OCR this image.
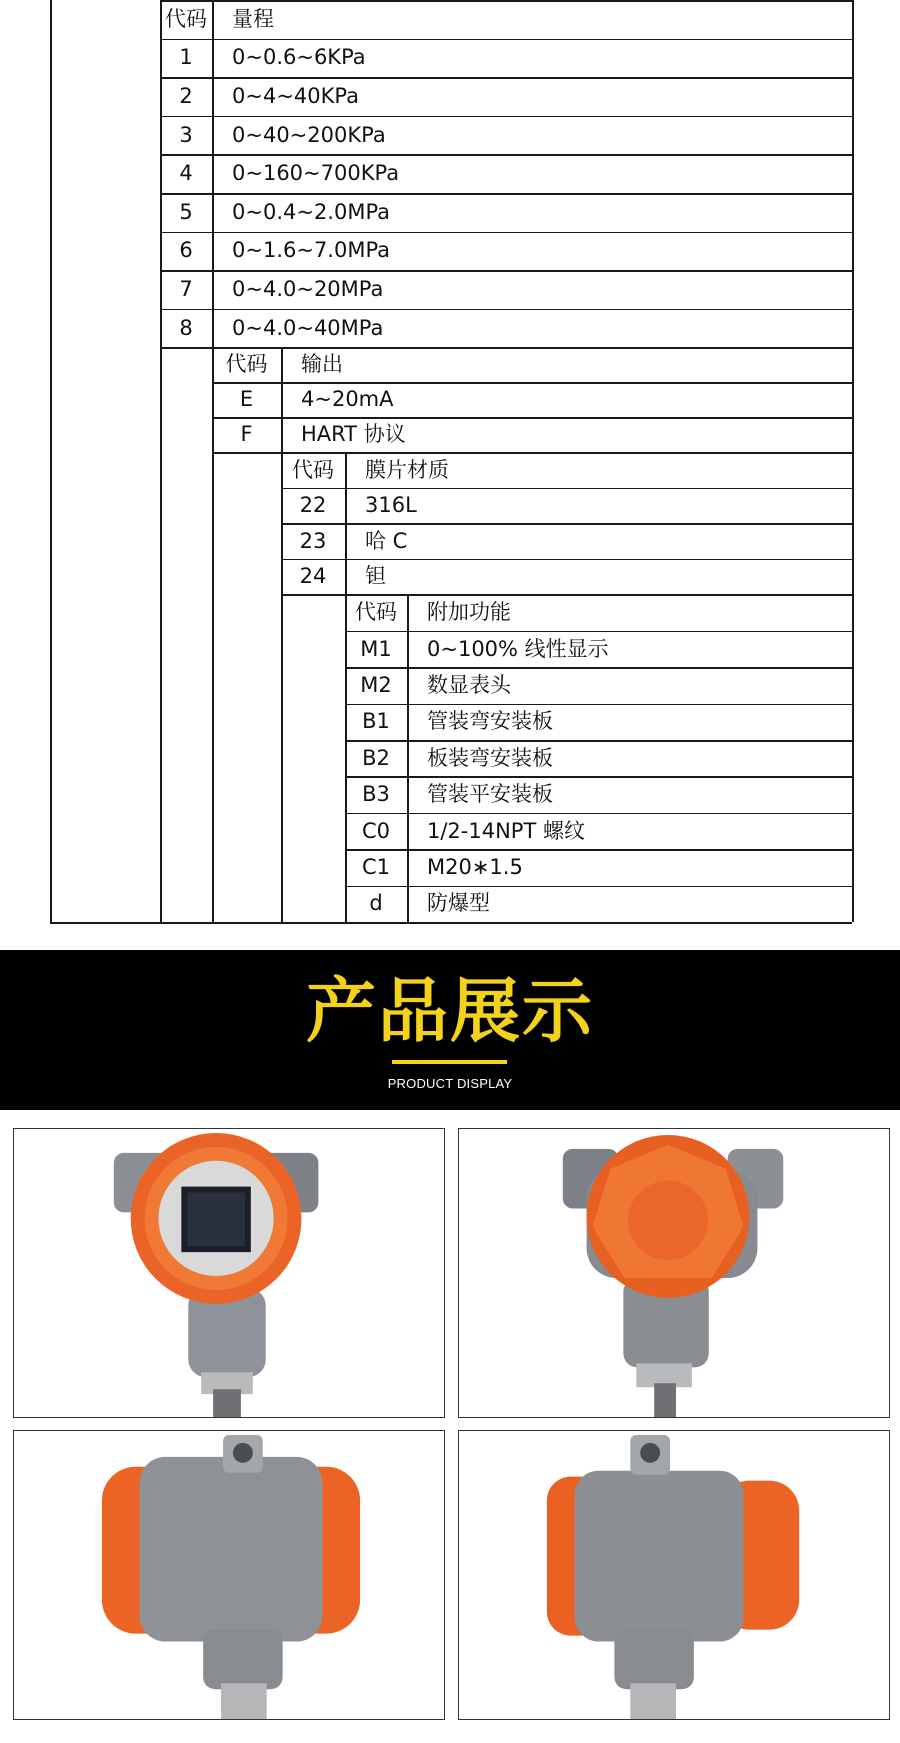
代码 量程
1	0~0.6~6KPa
2	0~4~40KPa
3	0~40~200KPa
4	0~160~700KPa
5	0~0.4~2.0MPa
6	0~1.6~7.0MPa
7	0~4.0~20MPa
8	0~4.0~40MPa
代码	输出
E	4~20mA
F	HART 协议
代码	膜片材质
22	316L
23	哈 C
24	钽
代码	附加功能
M1	0~100% 线性显示
M2	数显表头
B1	管装弯安装板
B2	板装弯安装板
B3	管装平安装板
C0	1/2-14NPT 螺纹
C1	M20∗1.5
d	防爆型
产品展示
PRODUCT DISPLAY
